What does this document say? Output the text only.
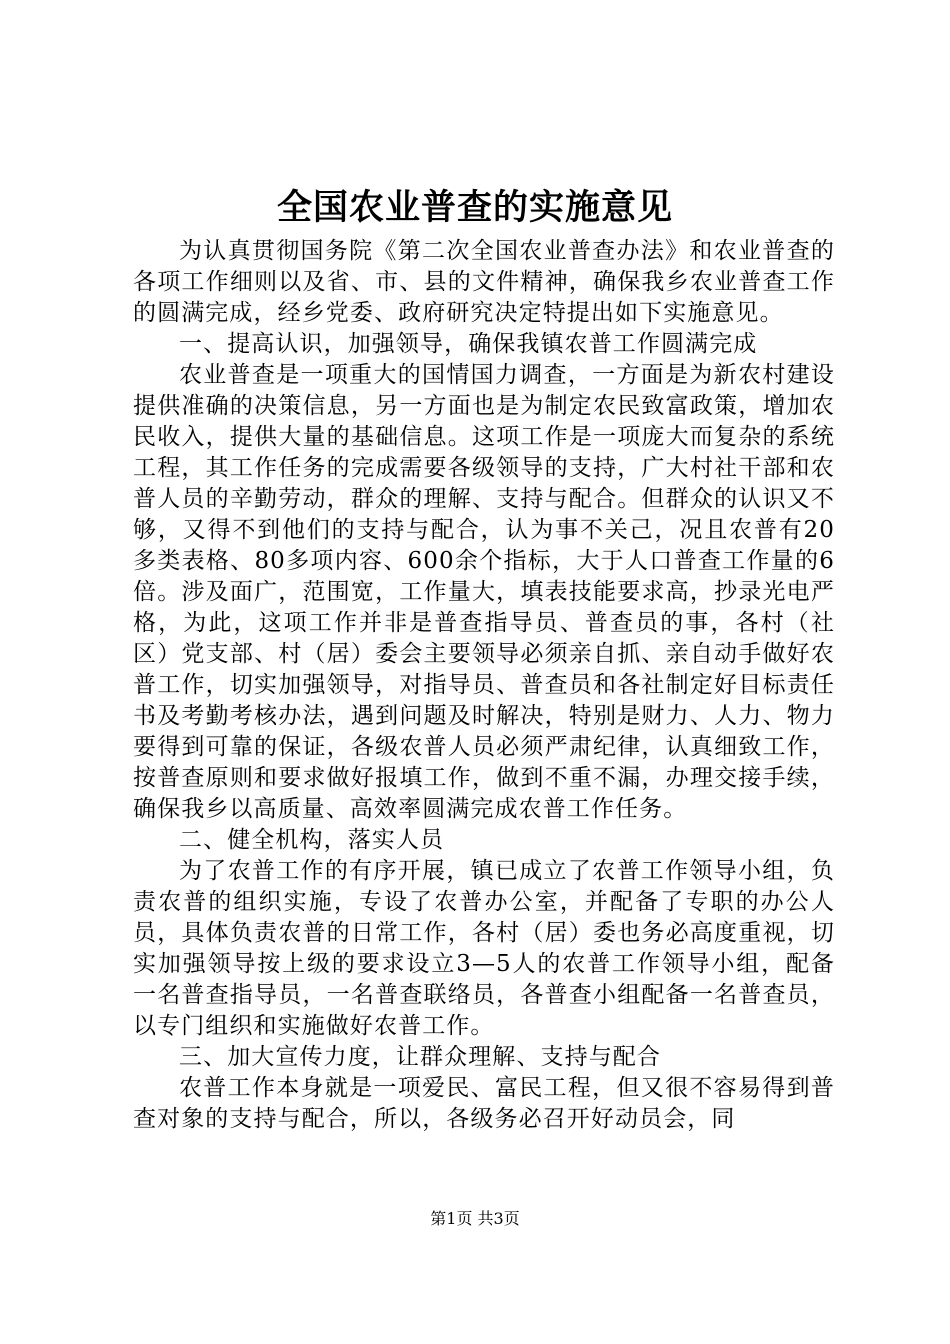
全国农业普查的实施意见

为认真贯彻国务院《第二次全国农业普查办法》和农业普查的各项工作细则以及省、市、县的文件精神，确保我乡农业普查工作的圆满完成，经乡党委、政府研究决定特提出如下实施意见。

一、提高认识，加强领导，确保我镇农普工作圆满完成

农业普查是一项重大的国情国力调查，一方面是为新农村建设提供准确的决策信息，另一方面也是为制定农民致富政策，增加农民收入，提供大量的基础信息。这项工作是一项庞大而复杂的系统工程，其工作任务的完成需要各级领导的支持，广大村社干部和农普人员的辛勤劳动，群众的理解、支持与配合。但群众的认识又不够，又得不到他们的支持与配合，认为事不关己，况且农普有20多类表格、80多项内容、600余个指标，大于人口普查工作量的6倍。涉及面广，范围宽，工作量大，填表技能要求高，抄录光电严格，为此，这项工作并非是普查指导员、普查员的事，各村（社区）党支部、村（居）委会主要领导必须亲自抓、亲自动手做好农普工作，切实加强领导，对指导员、普查员和各社制定好目标责任书及考勤考核办法，遇到问题及时解决，特别是财力、人力、物力要得到可靠的保证，各级农普人员必须严肃纪律，认真细致工作，按普查原则和要求做好报填工作，做到不重不漏，办理交接手续，确保我乡以高质量、高效率圆满完成农普工作任务。

二、健全机构，落实人员

为了农普工作的有序开展，镇已成立了农普工作领导小组，负责农普的组织实施，专设了农普办公室，并配备了专职的办公人员，具体负责农普的日常工作，各村（居）委也务必高度重视，切实加强领导按上级的要求设立3—5人的农普工作领导小组，配备一名普查指导员，一名普查联络员，各普查小组配备一名普查员，以专门组织和实施做好农普工作。

三、加大宣传力度，让群众理解、支持与配合

农普工作本身就是一项爱民、富民工程，但又很不容易得到普查对象的支持与配合，所以，各级务必召开好动员会，同

第1页 共3页
